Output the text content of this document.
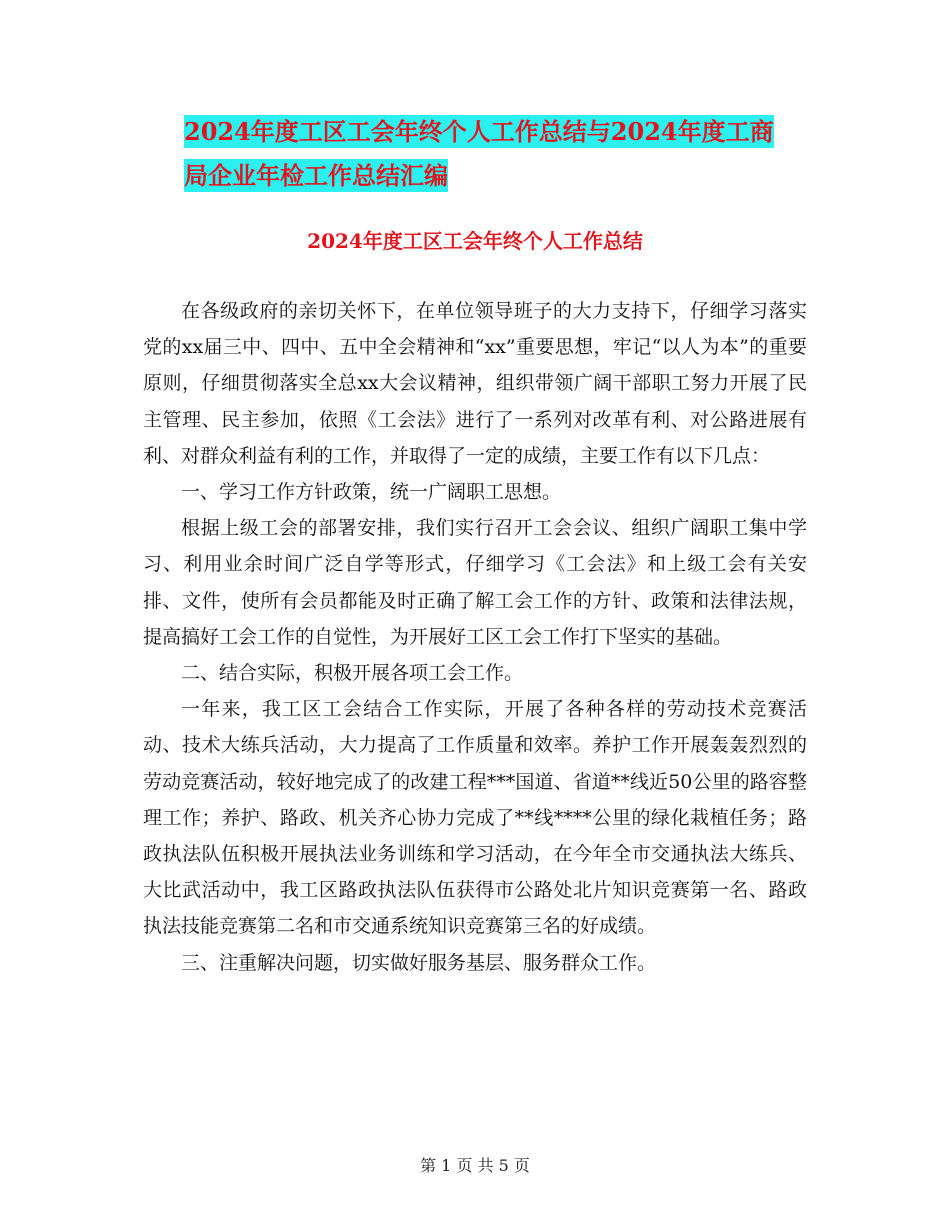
2024年度工区工会年终个人工作总结与2024年度工商
局企业年检工作总结汇编
2024年度工区工会年终个人工作总结

在各级政府的亲切关怀下，在单位领导班子的大力支持下，仔细学习落实党的xx届三中、四中、五中全会精神和“xx”重要思想，牢记“以人为本”的重要原则，仔细贯彻落实全总xx大会议精神，组织带领广阔干部职工努力开展了民主管理、民主参加，依照《工会法》进行了一系列对改革有利、对公路进展有利、对群众利益有利的工作，并取得了一定的成绩，主要工作有以下几点：

一、学习工作方针政策，统一广阔职工思想。

根据上级工会的部署安排，我们实行召开工会会议、组织广阔职工集中学习、利用业余时间广泛自学等形式，仔细学习《工会法》和上级工会有关安排、文件，使所有会员都能及时正确了解工会工作的方针、政策和法律法规，提高搞好工会工作的自觉性，为开展好工区工会工作打下坚实的基础。

二、结合实际，积极开展各项工会工作。

一年来，我工区工会结合工作实际，开展了各种各样的劳动技术竞赛活动、技术大练兵活动，大力提高了工作质量和效率。养护工作开展轰轰烈烈的劳动竞赛活动，较好地完成了的改建工程***国道、省道**线近50公里的路容整理工作；养护、路政、机关齐心协力完成了**线****公里的绿化栽植任务；路政执法队伍积极开展执法业务训练和学习活动，在今年全市交通执法大练兵、大比武活动中，我工区路政执法队伍获得市公路处北片知识竞赛第一名、路政执法技能竞赛第二名和市交通系统知识竞赛第三名的好成绩。

三、注重解决问题，切实做好服务基层、服务群众工作。

第 1 页 共 5 页
